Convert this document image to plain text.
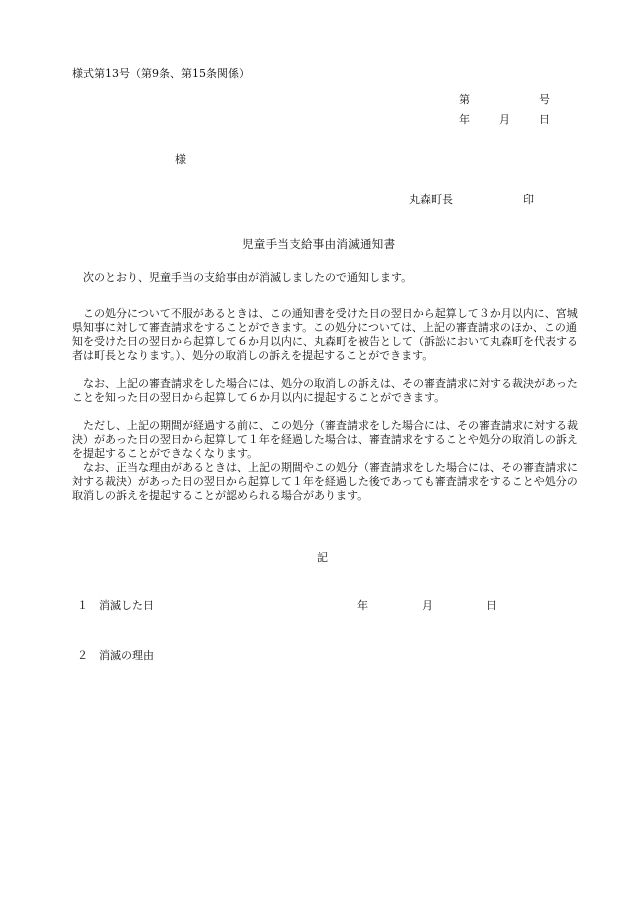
様式第13号（第9条、第15条関係）
第	号
年	月	日
様
丸森町長	印
児童手当支給事由消滅通知書

次のとおり、児童手当の支給事由が消滅しましたので通知します。

この処分について不服があるときは、この通知書を受けた日の翌日から起算して３か月以内に、宮城県知事に対して審査請求をすることができます。この処分については、上記の審査請求のほか、この通知を受けた日の翌日から起算して６か月以内に、丸森町を被告として（訴訟において丸森町を代表する者は町長となります。）、処分の取消しの訴えを提起することができます。

なお、上記の審査請求をした場合には、処分の取消しの訴えは、その審査請求に対する裁決があったことを知った日の翌日から起算して６か月以内に提起することができます。

ただし、上記の期間が経過する前に、この処分（審査請求をした場合には、その審査請求に対する裁決）があった日の翌日から起算して１年を経過した場合は、審査請求をすることや処分の取消しの訴えを提起することができなくなります。

なお、正当な理由があるときは、上記の期間やこの処分（審査請求をした場合には、その審査請求に対する裁決）があった日の翌日から起算して１年を経過した後であっても審査請求をすることや処分の取消しの訴えを提起することが認められる場合があります。

記
１ 消滅した日	年	月	日
２ 消滅の理由
